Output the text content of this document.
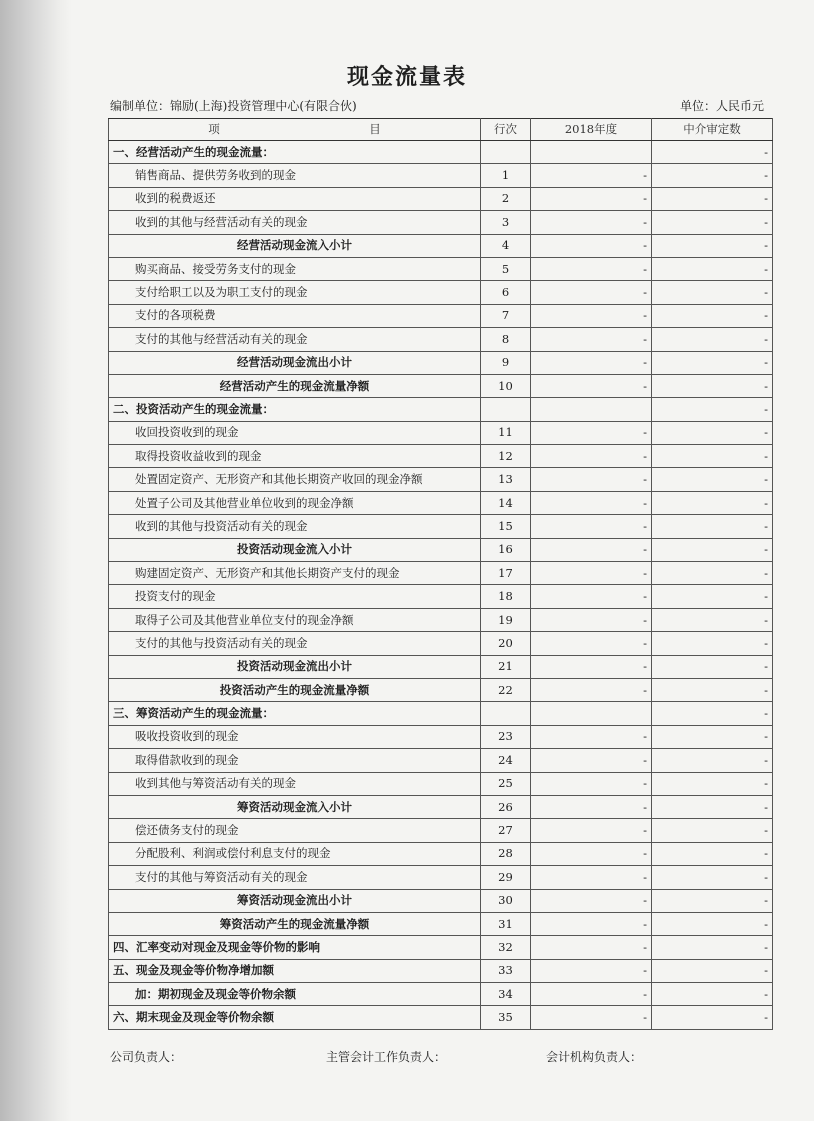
现金流量表
编制单位：锦励(上海)投资管理中心(有限合伙)	单位：人民币元
项　　　　　　　　　　　　　目	行次	2018年度	中介审定数
一、经营活动产生的现金流量：			-
销售商品、提供劳务收到的现金	1	-	-
收到的税费返还	2	-	-
收到的其他与经营活动有关的现金	3	-	-
经营活动现金流入小计	4	-	-
购买商品、接受劳务支付的现金	5	-	-
支付给职工以及为职工支付的现金	6	-	-
支付的各项税费	7	-	-
支付的其他与经营活动有关的现金	8	-	-
经营活动现金流出小计	9	-	-
经营活动产生的现金流量净额	10	-	-
二、投资活动产生的现金流量：			-
收回投资收到的现金	11	-	-
取得投资收益收到的现金	12	-	-
处置固定资产、无形资产和其他长期资产收回的现金净额	13	-	-
处置子公司及其他营业单位收到的现金净额	14	-	-
收到的其他与投资活动有关的现金	15	-	-
投资活动现金流入小计	16	-	-
购建固定资产、无形资产和其他长期资产支付的现金	17	-	-
投资支付的现金	18	-	-
取得子公司及其他营业单位支付的现金净额	19	-	-
支付的其他与投资活动有关的现金	20	-	-
投资活动现金流出小计	21	-	-
投资活动产生的现金流量净额	22	-	-
三、筹资活动产生的现金流量：			-
吸收投资收到的现金	23	-	-
取得借款收到的现金	24	-	-
收到其他与筹资活动有关的现金	25	-	-
筹资活动现金流入小计	26	-	-
偿还债务支付的现金	27	-	-
分配股利、利润或偿付利息支付的现金	28	-	-
支付的其他与筹资活动有关的现金	29	-	-
筹资活动现金流出小计	30	-	-
筹资活动产生的现金流量净额	31	-	-
四、汇率变动对现金及现金等价物的影响	32	-	-
五、现金及现金等价物净增加额	33	-	-
加：期初现金及现金等价物余额	34	-	-
六、期末现金及现金等价物余额	35	-	-
公司负责人：	主管会计工作负责人：	会计机构负责人：
